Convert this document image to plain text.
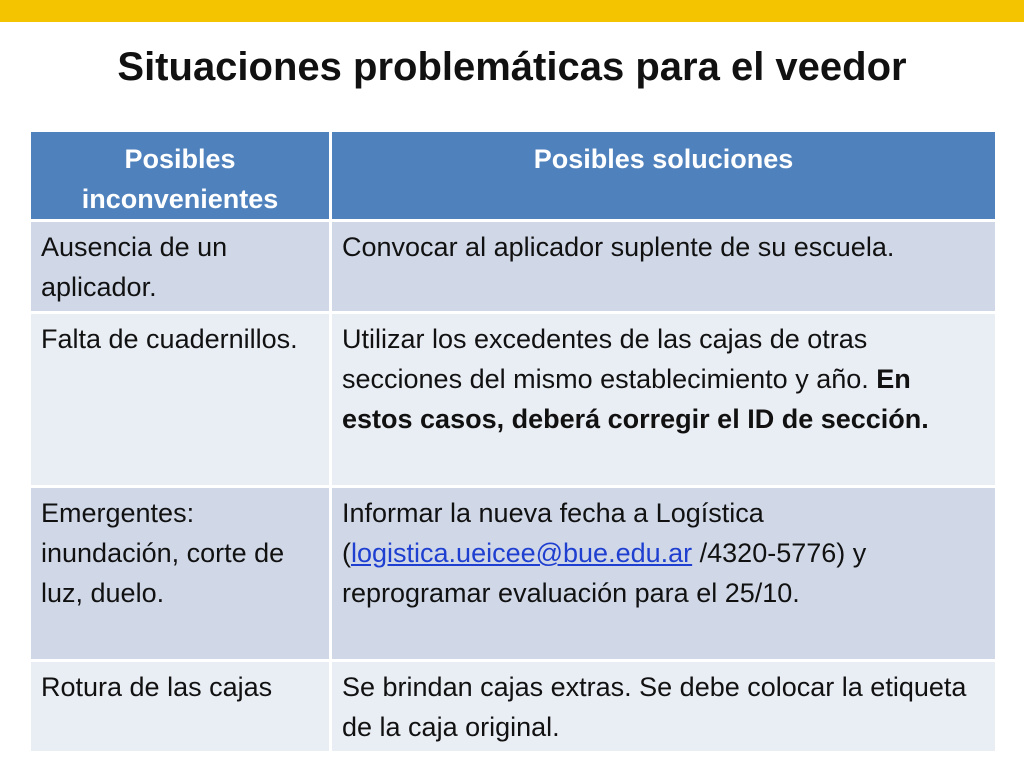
Situaciones problemáticas para el veedor
Posibles inconvenientes	Posibles soluciones
Ausencia de un aplicador.	Convocar al aplicador suplente de su escuela.
Falta de cuadernillos.	Utilizar los excedentes de las cajas de otras secciones del mismo establecimiento y año. En estos casos, deberá corregir el ID de sección.
Emergentes: inundación, corte de luz, duelo.	Informar la nueva fecha a Logística (logistica.ueicee@bue.edu.ar /4320-5776) y reprogramar evaluación para el 25/10.
Rotura de las cajas	Se brindan cajas extras. Se debe colocar la etiqueta de la caja original.
